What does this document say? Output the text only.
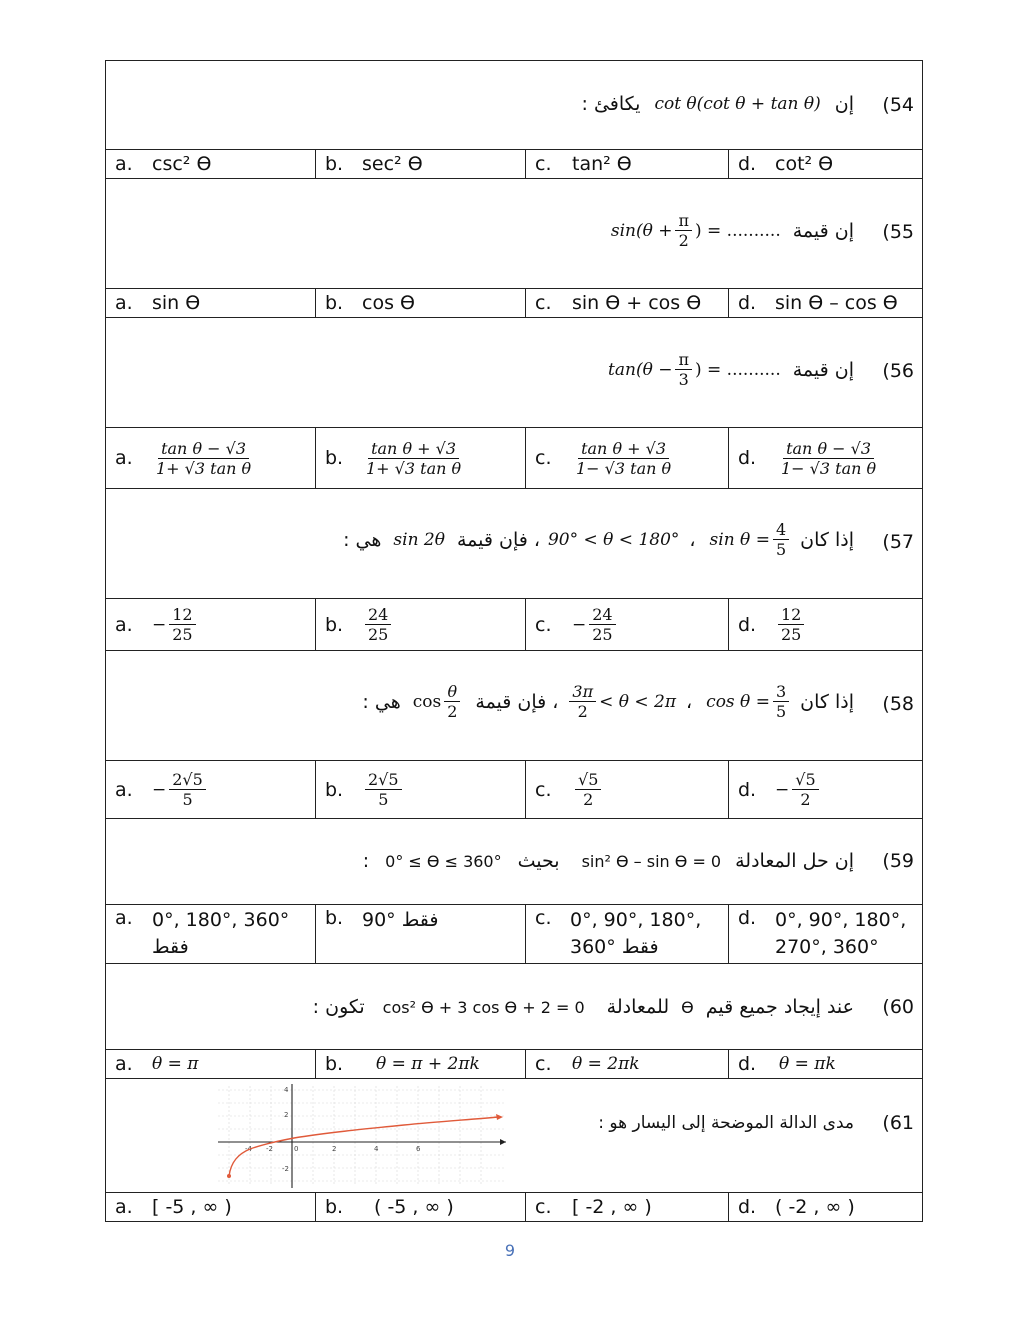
(54
يكافئ : cot θ(cot θ + tan θ) إن
a. csc² Ө	b. sec² Ө	c. tan² Ө	d. cot² Ө
(55
$\sin(\theta + \frac{\pi}{2}$ ) = .......... إن قيمة
a. sin Ө	b. cos Ө	c. sin Ө + cos Ө d. sin Ө – cos Ө
(56
$\tan(\theta - \frac{\pi}{3}$ ) = .......... إن قيمة
a. $\frac{\text{tan θ − √3}}{\text{1+ √3 tan θ}}$	b. $\frac{\text{tan θ + √3}}{\text{1+ √3 tan θ}}$	c. $\frac{\text{tan θ + √3}}{\text{1− √3 tan θ}}$	d. $\frac{\text{tan θ − √3}}{\text{1− √3 tan θ}}$
(57
هي : sin 2θ فإن قيمة ، 90° < θ < 180° ، $\sin \theta = \frac{4}{5}$ إذا كان
a. − $\frac{12}{25}$	b. $\frac{24}{25}$	c. − $\frac{24}{25}$	d. $\frac{12}{25}$
(58
هي : $\cos \frac{\theta}{2}$ فإن قيمة ، $\frac{3\pi}{2} < \theta < 2\pi$ ، $\cos \theta = \frac{3}{5}$ إذا كان
a. − $\frac{2√5}{5}$	b. $\frac{2√5}{5}$	c. $\frac{√5}{2}$	d. − $\frac{√5}{2}$
(59
: 0° ≤ Ө ≤ 360° بحيث sin² Ө – sin Ө = 0 إن حل المعادلة
a. 0°, 180°, 360°
فقط
b. 90° فقط	c. 0°, 90°, 180°,
360° فقط
d. 0°, 90°, 180°,
270°, 360°
(60
تكون : cos² Ө + 3 cos Ө + 2 = 0 للمعادلة Ө عند إيجاد جميع قيم
a. θ = π	b. θ = π + 2πk	c. θ = 2πk	d. θ = πk
(61
مدى الدالة الموضحة إلى اليسار هو :
4
2
-2
-4 -2	0	2	4	6
a. [ -5 , ∞ )	b. ( -5 , ∞ )	c. [ -2 , ∞ )	d. ( -2 , ∞ )
9
